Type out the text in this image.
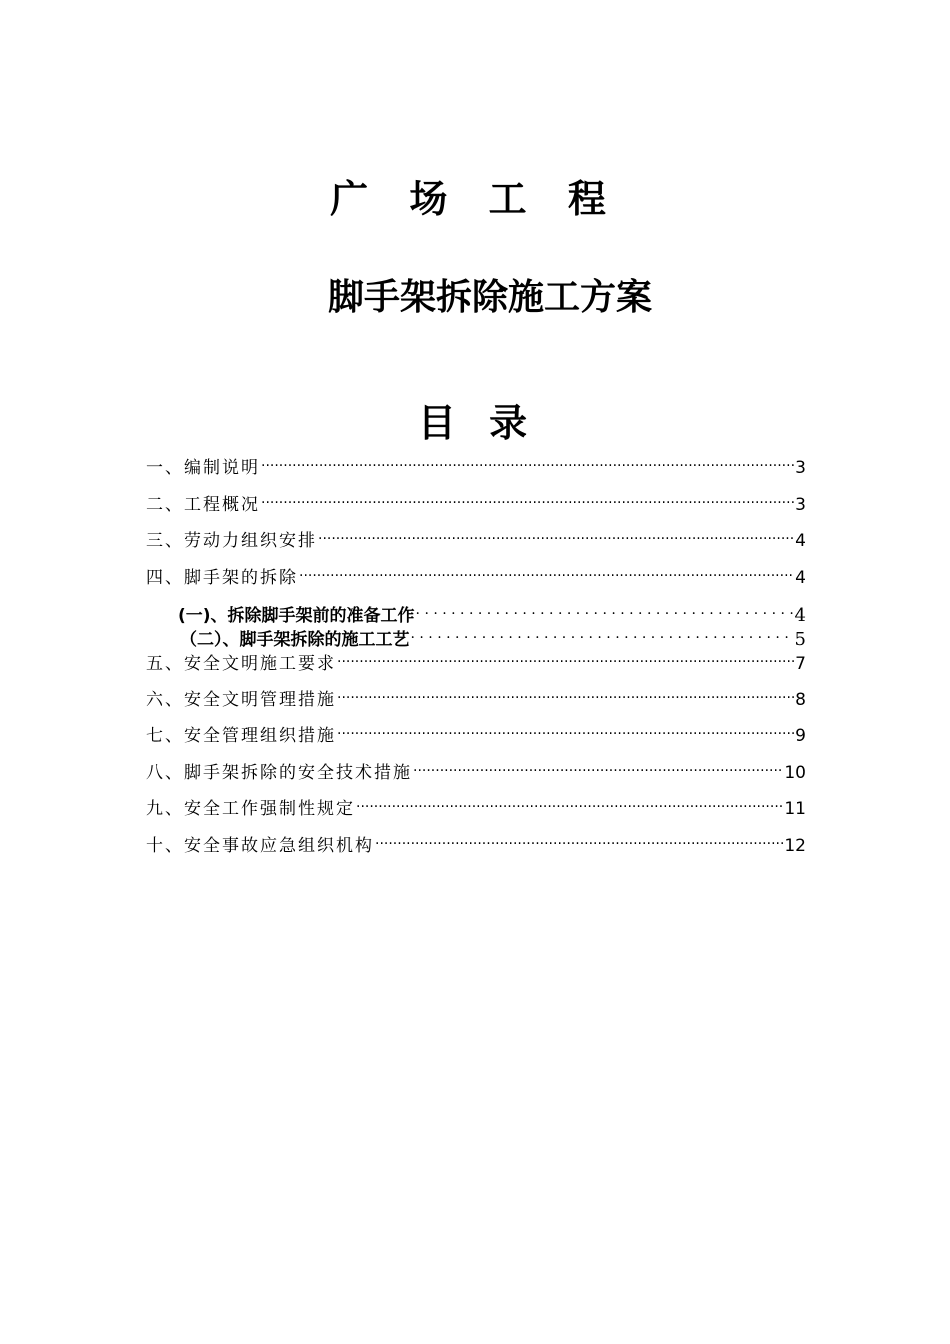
广 场 工 程
脚手架拆除施工方案
目 录
一、编制说明 .....	3
二、工程概况 .....	3
三、劳动力组织安排 .....	4
四、脚手架的拆除 .....	4
(一)、拆除脚手架前的准备工作 . . .	4
（二）、脚手架拆除的施工工艺 . . .	5
五、安全文明施工要求 .....	7
六、安全文明管理措施 .....	8
七、安全管理组织措施 .....	9
八、脚手架拆除的安全技术措施 .....	10
九、安全工作强制性规定 .....	11
十、安全事故应急组织机构 .....	12
